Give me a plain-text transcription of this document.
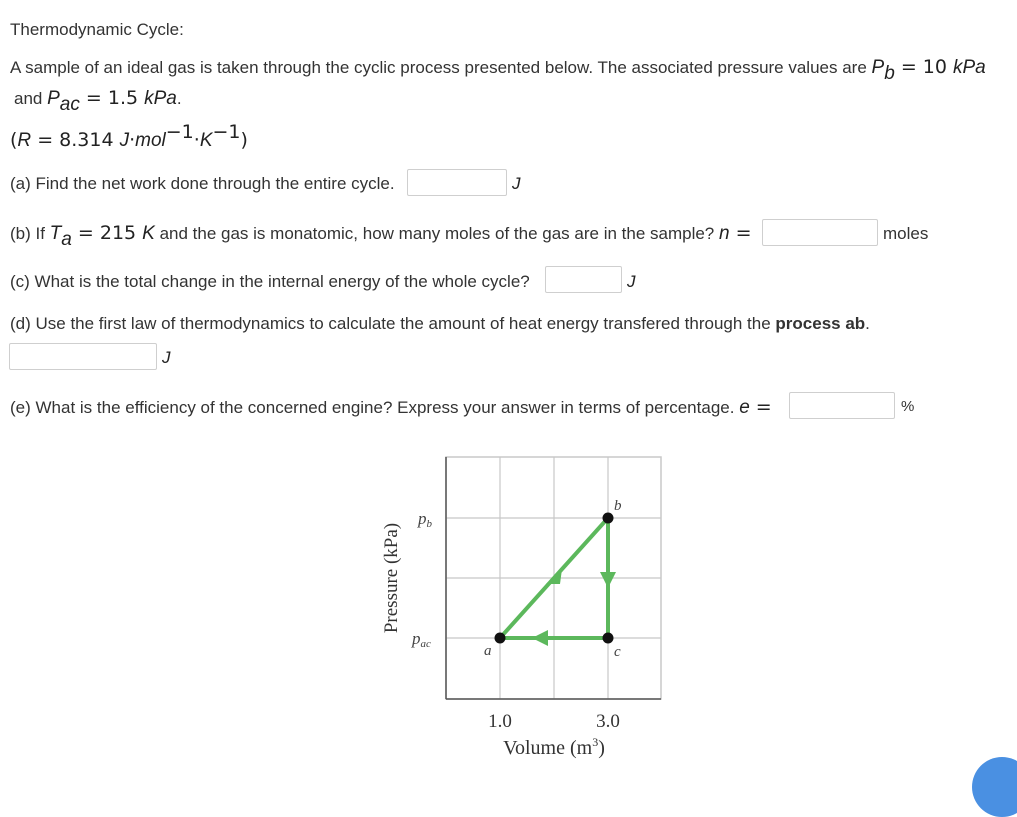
Thermodynamic Cycle:
A sample of an ideal gas is taken through the cyclic process presented below. The associated pressure values are $P_b = 10$ kPa
and $P_{ac} = 1.5$ kPa.
(R = 8.314 $J\cdot mol^{-1}\cdot K^{-1}$)
(a) Find the net work done through the entire cycle.	J
(b) If $T_a = 215$ K and the gas is monatomic, how many moles of the gas are in the sample? n =	moles
(c) What is the total change in the internal energy of the whole cycle?	J
(d) Use the first law of thermodynamics to calculate the amount of heat energy transfered through the process ab.
J
(e) What is the efficiency of the concerned engine? Express your answer in terms of percentage. e =	%
a
b
c
pb
pac
Pressure (kPa)
1.0	3.0
Volume $(m^3)$
